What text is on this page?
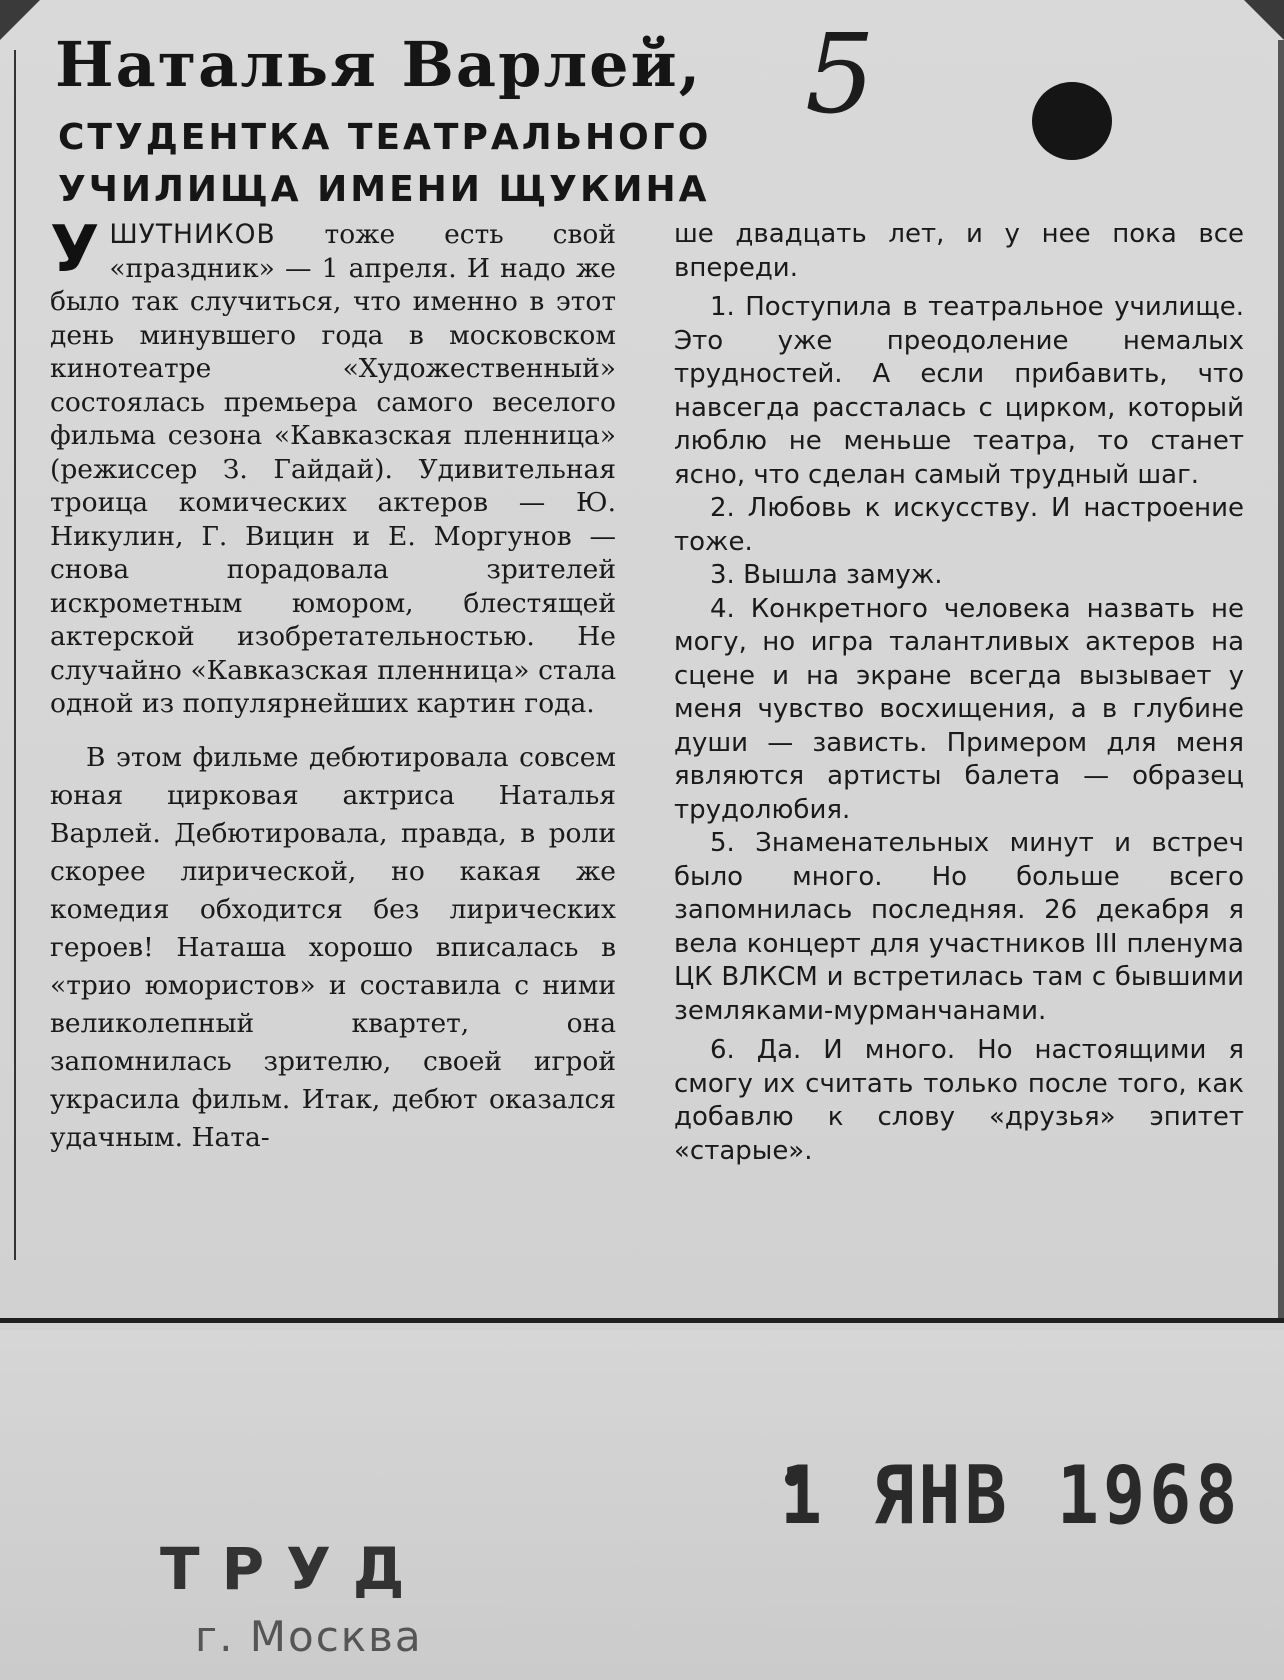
Наталья Варлей,
СТУДЕНТКА ТЕАТРАЛЬНОГО
УЧИЛИЩА ИМЕНИ ЩУКИНА
5

УШУТНИКОВ тоже есть свой «праздник» — 1 апреля. И надо же было так случиться, что именно в этот день минувшего года в московском кинотеатре «Художественный» состоялась премьера самого веселого фильма сезона «Кавказская пленница» (режиссер З. Гайдай). Удивительная троица комических актеров — Ю. Никулин, Г. Вицин и Е. Моргунов — снова порадовала зрителей искрометным юмором, блестящей актерской изобретательностью. Не случайно «Кавказская пленница» стала одной из популярнейших картин года.

В этом фильме дебютировала совсем юная цирковая актриса Наталья Варлей. Дебютировала, правда, в роли скорее лирической, но какая же комедия обходится без лирических героев! Наташа хорошо вписалась в «трио юмористов» и составила с ними великолепный квартет, она запомнилась зрителю, своей игрой украсила фильм. Итак, дебют оказался удачным. Ната-

ше двадцать лет, и у нее пока все впереди.

1. Поступила в театральное училище. Это уже преодоление немалых трудностей. А если прибавить, что навсегда рассталась с цирком, который люблю не меньше театра, то станет ясно, что сделан самый трудный шаг.

2. Любовь к искусству. И настроение тоже.

3. Вышла замуж.

4. Конкретного человека назвать не могу, но игра талантливых актеров на сцене и на экране всегда вызывает у меня чувство восхищения, а в глубине души — зависть. Примером для меня являются артисты балета — образец трудолюбия.

5. Знаменательных минут и встреч было много. Но больше всего запомнилась последняя. 26 декабря я вела концерт для участников III пленума ЦК ВЛКСМ и встретилась там с бывшими земляками-мурманчанами.

6. Да. И много. Но настоящими я смогу их считать только после того, как добавлю к слову «друзья» эпитет «старые».

1 ЯНВ 1968
ТРУД
г. Москва
